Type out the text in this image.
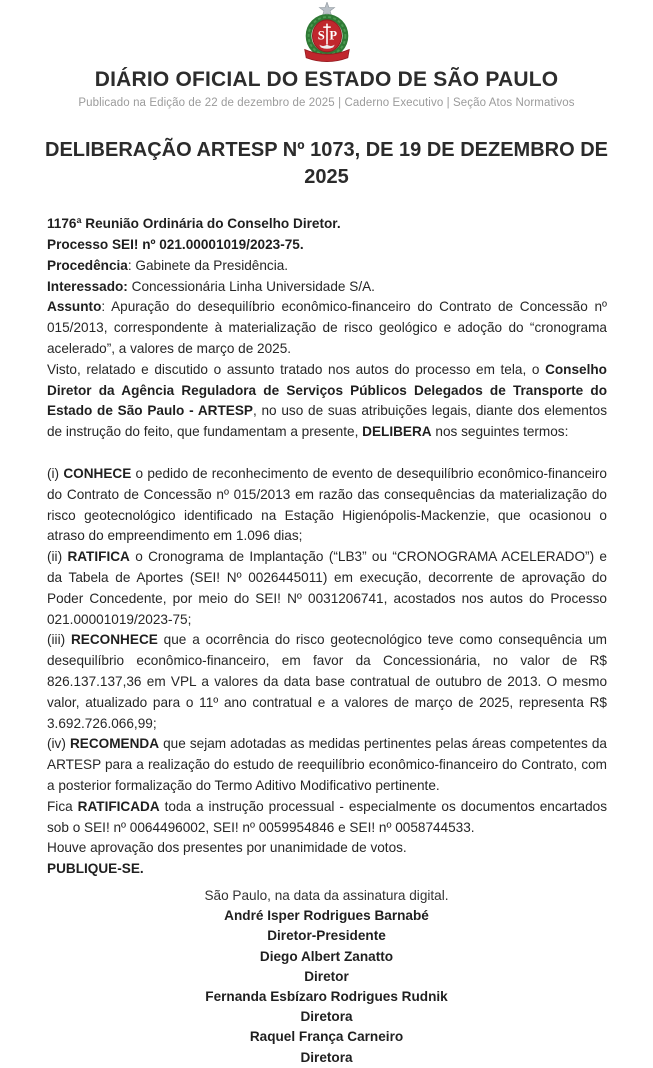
S P
DIÁRIO OFICIAL DO ESTADO DE SÃO PAULO
Publicado na Edição de 22 de dezembro de 2025 | Caderno Executivo | Seção Atos Normativos
DELIBERAÇÃO ARTESP Nº 1073, DE 19 DE DEZEMBRO DE 2025

1176ª Reunião Ordinária do Conselho Diretor.

Processo SEI! nº 021.00001019/2023-75.

Procedência: Gabinete da Presidência.

Interessado: Concessionária Linha Universidade S/A.

Assunto: Apuração do desequilíbrio econômico-financeiro do Contrato de Concessão nº 015/2013, correspondente à materialização de risco geológico e adoção do “cronograma acelerado”, a valores de março de 2025.

Visto, relatado e discutido o assunto tratado nos autos do processo em tela, o Conselho Diretor da Agência Reguladora de Serviços Públicos Delegados de Transporte do Estado de São Paulo - ARTESP, no uso de suas atribuições legais, diante dos elementos de instrução do feito, que fundamentam a presente, DELIBERA nos seguintes termos:

(i) CONHECE o pedido de reconhecimento de evento de desequilíbrio econômico-financeiro do Contrato de Concessão nº 015/2013 em razão das consequências da materialização do risco geotecnológico identificado na Estação Higienópolis-Mackenzie, que ocasionou o atraso do empreendimento em 1.096 dias;

(ii) RATIFICA o Cronograma de Implantação (“LB3” ou “CRONOGRAMA ACELERADO”) e da Tabela de Aportes (SEI! Nº 0026445011) em execução, decorrente de aprovação do Poder Concedente, por meio do SEI! Nº 0031206741, acostados nos autos do Processo 021.00001019/2023-75;

(iii) RECONHECE que a ocorrência do risco geotecnológico teve como consequência um desequilíbrio econômico-financeiro, em favor da Concessionária, no valor de R$ 826.137.137,36 em VPL a valores da data base contratual de outubro de 2013. O mesmo valor, atualizado para o 11º ano contratual e a valores de março de 2025, representa R$ 3.692.726.066,99;

(iv) RECOMENDA que sejam adotadas as medidas pertinentes pelas áreas competentes da ARTESP para a realização do estudo de reequilíbrio econômico-financeiro do Contrato, com a posterior formalização do Termo Aditivo Modificativo pertinente.

Fica RATIFICADA toda a instrução processual - especialmente os documentos encartados sob o SEI! nº 0064496002, SEI! nº 0059954846 e SEI! nº 0058744533.

Houve aprovação dos presentes por unanimidade de votos.

PUBLIQUE-SE.

São Paulo, na data da assinatura digital.
André Isper Rodrigues Barnabé
Diretor-Presidente
Diego Albert Zanatto
Diretor
Fernanda Esbízaro Rodrigues Rudnik
Diretora
Raquel França Carneiro
Diretora
